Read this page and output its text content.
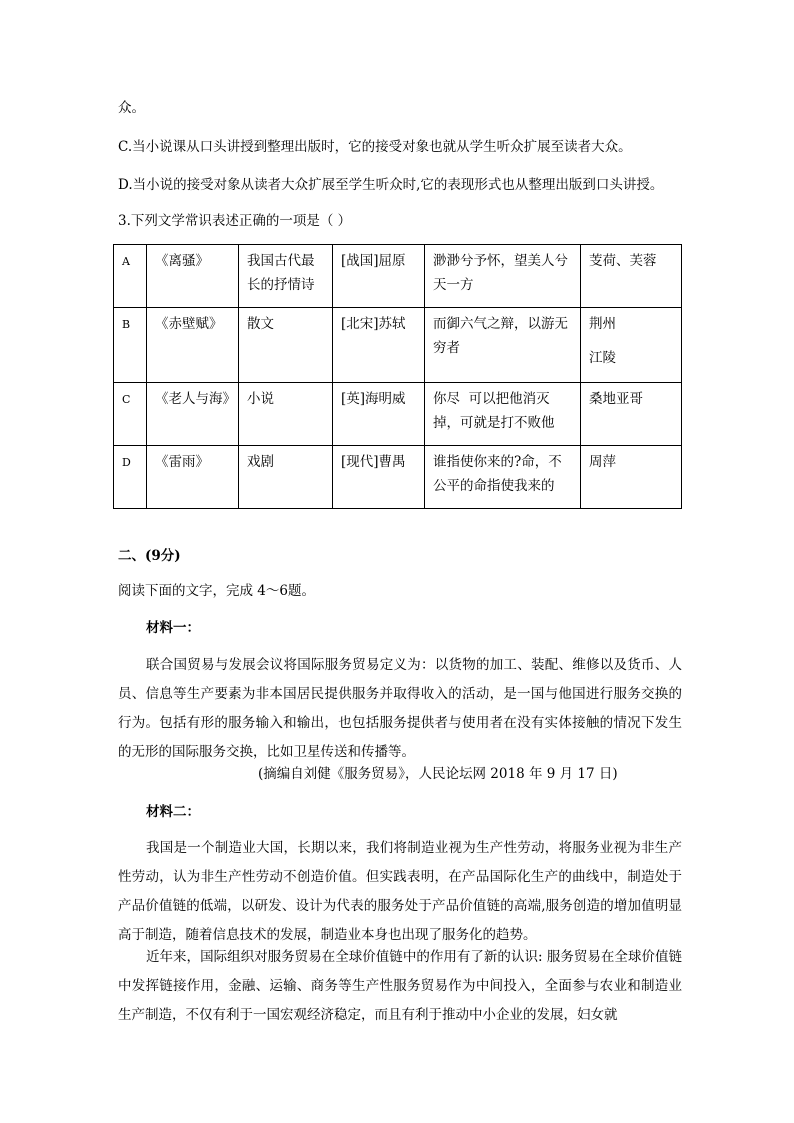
众。
C.当小说课从口头讲授到整理出版时，它的接受对象也就从学生听众扩展至读者大众。
D.当小说的接受对象从读者大众扩展至学生听众时,它的表现形式也从整理出版到口头讲授。
3.下列文学常识表述正确的一项是（ ）
A	《离骚》	我国古代最长的抒情诗	[战国]屈原	渺渺兮予怀，望美人兮天一方	芰荷、芙蓉

B	《赤壁赋》	散文	[北宋]苏轼	而御六气之辩，以游无穷者	荆州
江陵

C	《老人与海》	小说	[英]海明威	你尽  可以把他消灭掉，可就是打不败他	桑地亚哥

D	《雷雨》	戏剧	[现代]曹禺	谁指使你来的?命，不公平的命指使我来的	周萍
二、(9分)
阅读下面的文字，完成 4～6题。
材料一：
联合国贸易与发展会议将国际服务贸易定义为：以货物的加工、装配、维修以及货币、人员、信息等生产要素为非本国居民提供服务并取得收入的活动，是一国与他国进行服务交换的行为。包括有形的服务输入和输出，也包括服务提供者与使用者在没有实体接触的情况下发生的无形的国际服务交换，比如卫星传送和传播等。
(摘编自刘健《服务贸易》，人民论坛网 2018 年 9 月 17 日)
材料二：
我国是一个制造业大国，长期以来，我们将制造业视为生产性劳动，将服务业视为非生产性劳动，认为非生产性劳动不创造价值。但实践表明，在产品国际化生产的曲线中，制造处于产品价值链的低端，以研发、设计为代表的服务处于产品价值链的高端,服务创造的增加值明显高于制造，随着信息技术的发展，制造业本身也出现了服务化的趋势。
近年来，国际组织对服务贸易在全球价值链中的作用有了新的认识: 服务贸易在全球价值链中发挥链接作用，金融、运输、商务等生产性服务贸易作为中间投入，全面参与农业和制造业生产制造，不仅有利于一国宏观经济稳定，而且有利于推动中小企业的发展，妇女就
